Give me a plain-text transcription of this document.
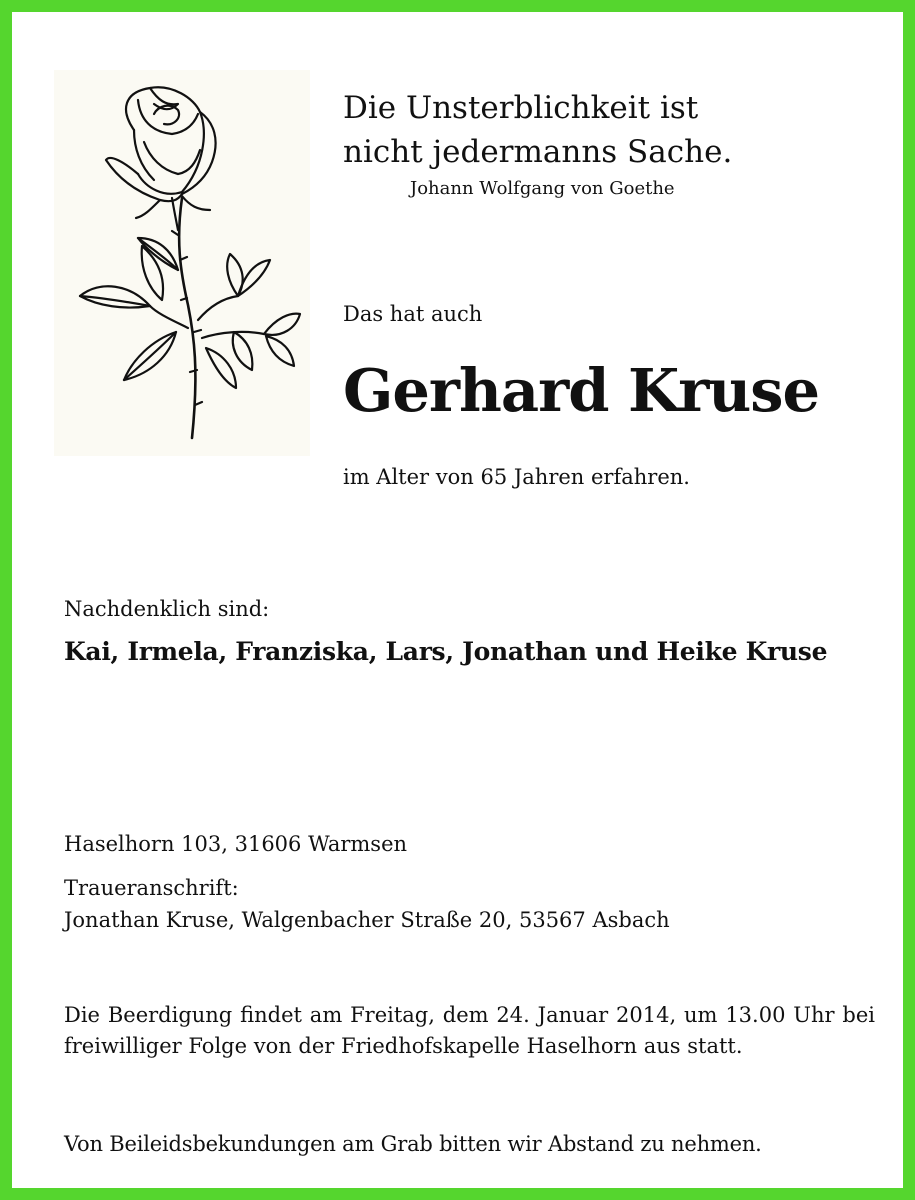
Die Unsterblichkeit ist
nicht jedermanns Sache.
Johann Wolfgang von Goethe
Das hat auch
Gerhard Kruse
im Alter von 65 Jahren erfahren.
Nachdenklich sind:
Kai, Irmela, Franziska, Lars, Jonathan und Heike Kruse
Haselhorn 103, 31606 Warmsen
Traueranschrift:
Jonathan Kruse, Walgenbacher Straße 20, 53567 Asbach
Die Beerdigung findet am Freitag, dem 24. Januar 2014, um 13.00 Uhr bei freiwilliger Folge von der Friedhofskapelle Haselhorn aus statt.
Von Beileidsbekundungen am Grab bitten wir Abstand zu nehmen.
